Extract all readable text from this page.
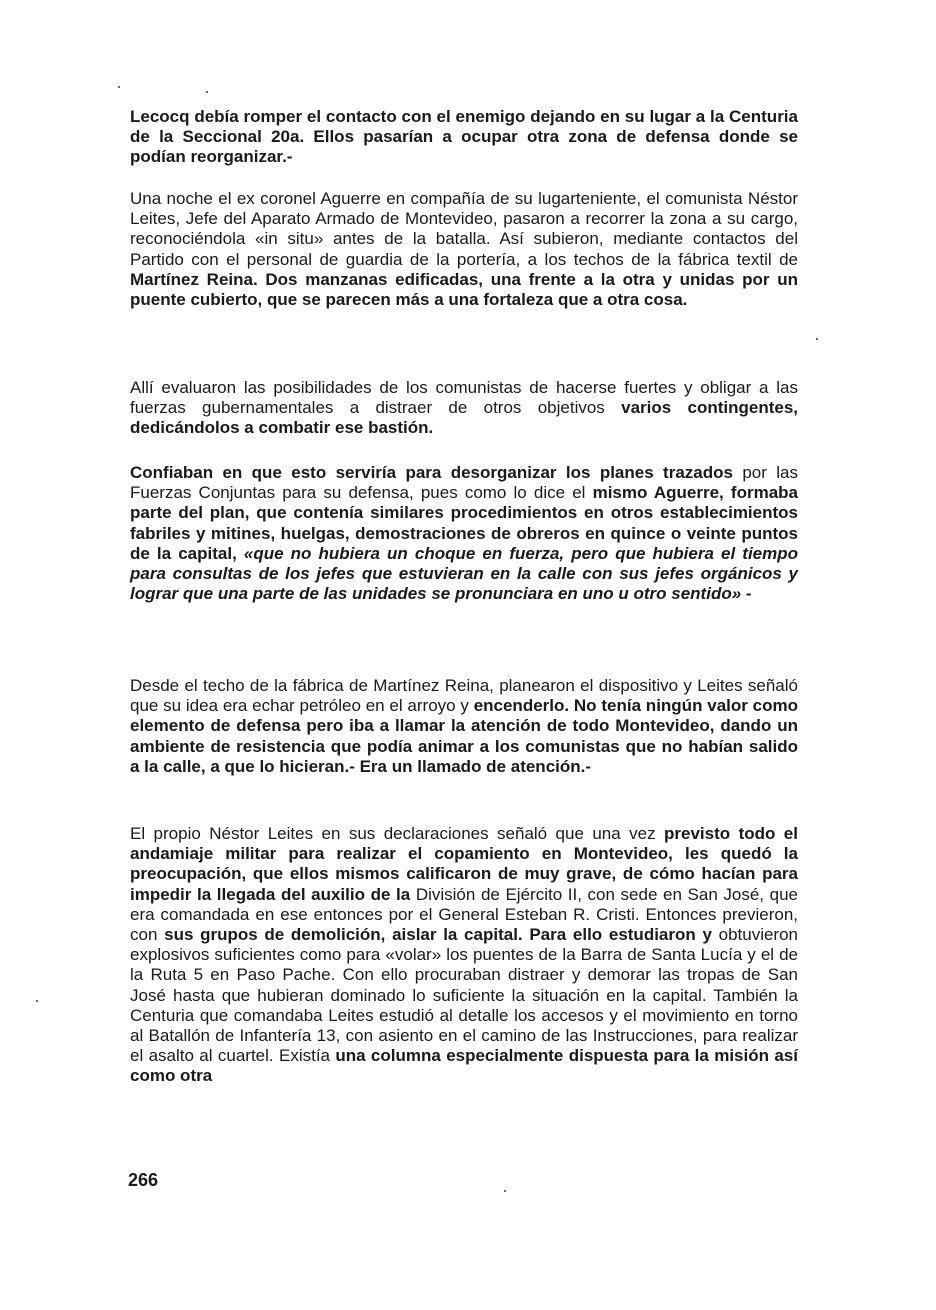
Lecocq debía romper el contacto con el enemigo dejando en su lugar a la Centuria de la Seccional 20a. Ellos pasarían a ocupar otra zona de defensa donde se podían reorganizar.-

Una noche el ex coronel Aguerre en compañía de su lugarteniente, el comunista Néstor Leites, Jefe del Aparato Armado de Montevideo, pasaron a recorrer la zona a su cargo, reconociéndola «in situ» antes de la batalla. Así subieron, mediante contactos del Partido con el personal de guardia de la portería, a los techos de la fábrica textil de Martínez Reina. Dos manzanas edificadas, una frente a la otra y unidas por un puente cubierto, que se parecen más a una fortaleza que a otra cosa.

Allí evaluaron las posibilidades de los comunistas de hacerse fuertes y obligar a las fuerzas gubernamentales a distraer de otros objetivos varios contingentes, dedicándolos a combatir ese bastión.

Confiaban en que esto serviría para desorganizar los planes trazados por las Fuerzas Conjuntas para su defensa, pues como lo dice el mismo Aguerre, formaba parte del plan, que contenía similares procedimientos en otros establecimientos fabriles y mitines, huelgas, demostraciones de obreros en quince o veinte puntos de la capital, «que no hubiera un choque en fuerza, pero que hubiera el tiempo para consultas de los jefes que estuvieran en la calle con sus jefes orgánicos y lograr que una parte de las unidades se pronunciara en uno u otro sentido» -

Desde el techo de la fábrica de Martínez Reina, planearon el dispositivo y Leites señaló que su idea era echar petróleo en el arroyo y encenderlo. No tenía ningún valor como elemento de defensa pero iba a llamar la atención de todo Montevideo, dando un ambiente de resistencia que podía animar a los comunistas que no habían salido a la calle, a que lo hicieran.- Era un llamado de atención.-

El propio Néstor Leites en sus declaraciones señaló que una vez previsto todo el andamiaje militar para realizar el copamiento en Montevideo, les quedó la preocupación, que ellos mismos calificaron de muy grave, de cómo hacían para impedir la llegada del auxilio de la División de Ejército II, con sede en San José, que era comandada en ese entonces por el General Esteban R. Cristi. Entonces previeron, con sus grupos de demolición, aislar la capital. Para ello estudiaron y obtuvieron explosivos suficientes como para «volar» los puentes de la Barra de Santa Lucía y el de la Ruta 5 en Paso Pache. Con ello procuraban distraer y demorar las tropas de San José hasta que hubieran dominado lo suficiente la situación en la capital. También la Centuria que comandaba Leites estudió al detalle los accesos y el movimiento en torno al Batallón de Infantería 13, con asiento en el camino de las Instrucciones, para realizar el asalto al cuartel. Existía una columna especialmente dispuesta para la misión así como otra

266
